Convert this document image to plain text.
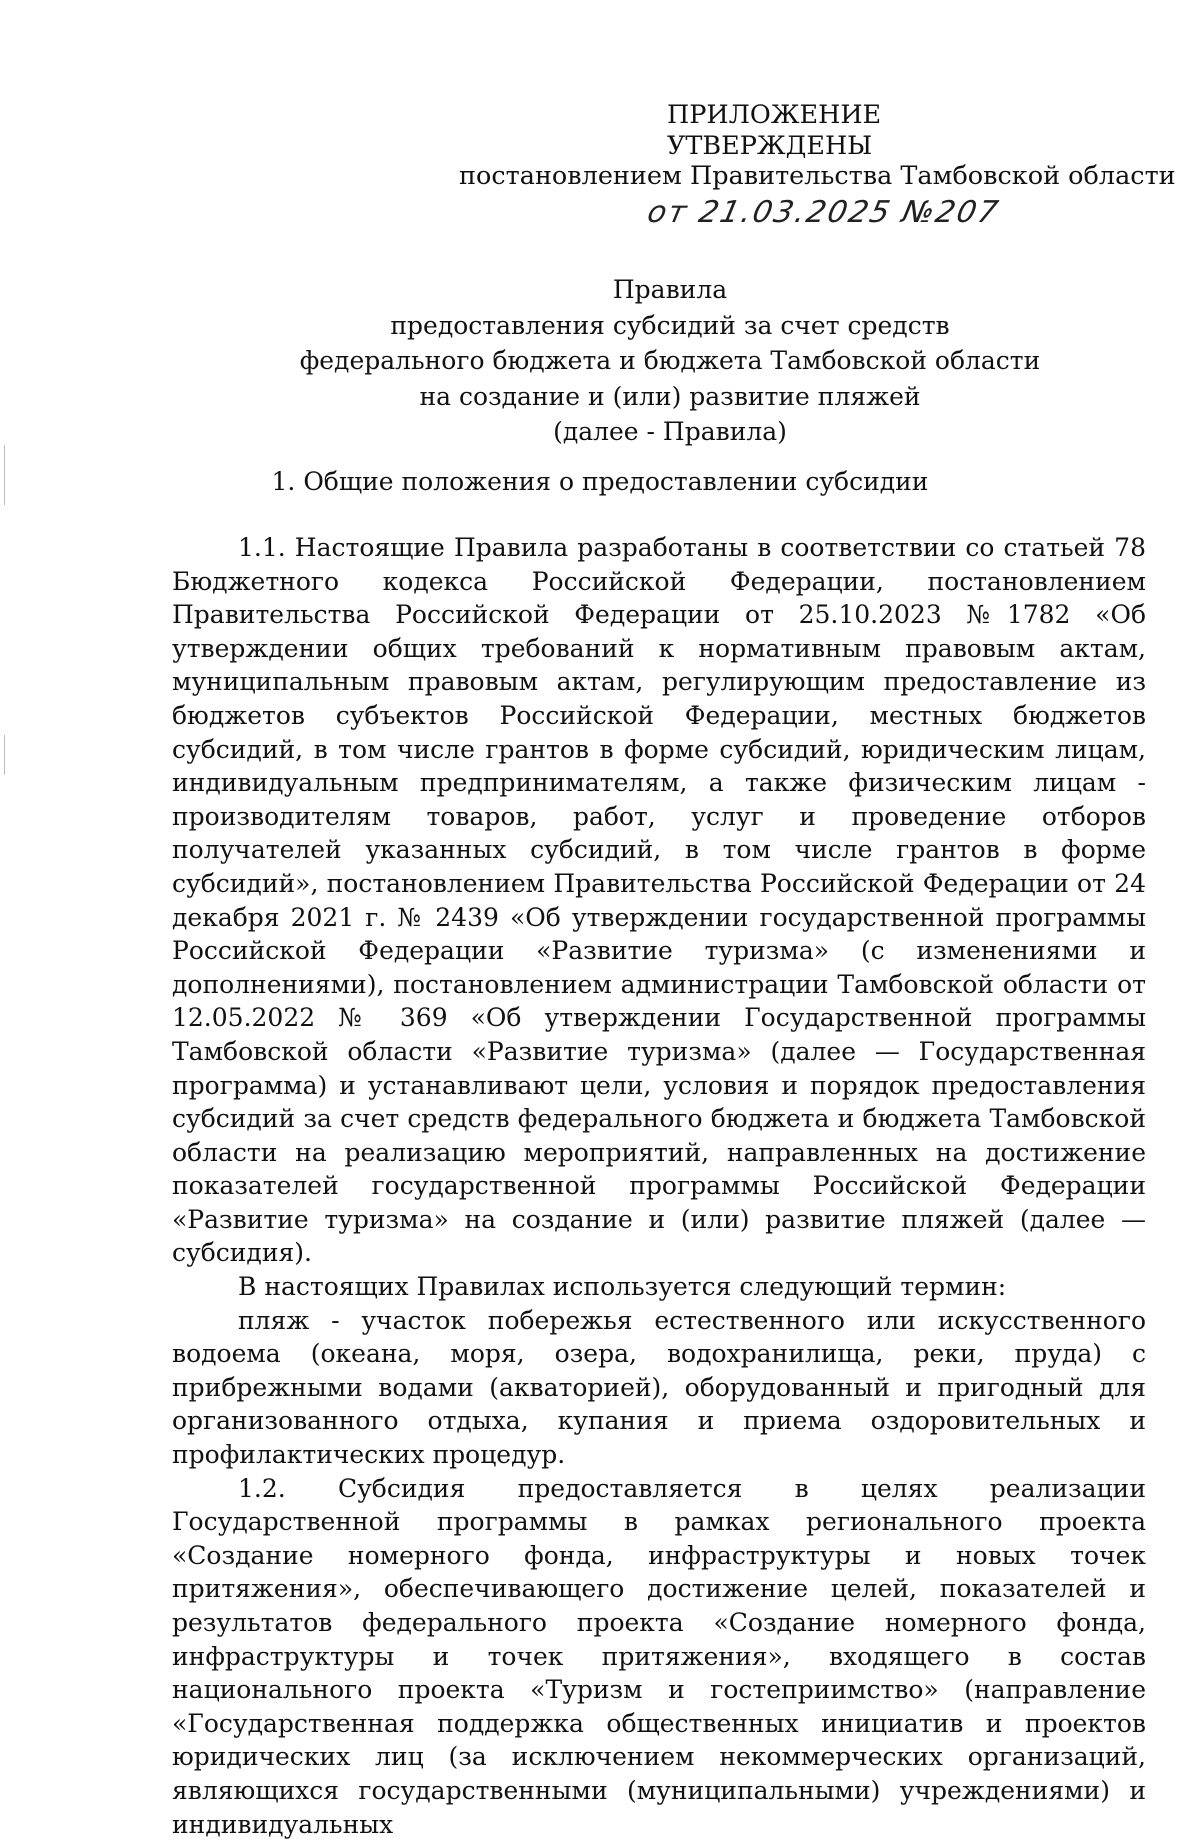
ПРИЛОЖЕНИЕ
УТВЕРЖДЕНЫ
постановлением Правительства Тамбовской области
от 21.03.2025 №207
Правила
предоставления субсидий за счет средств
федерального бюджета и бюджета Тамбовской области
на создание и (или) развитие пляжей
(далее - Правила)
1. Общие положения о предоставлении субсидии

1.1. Настоящие Правила разработаны в соответствии со статьей 78 Бюджетного кодекса Российской Федерации, постановлением Правительства Российской Федерации от 25.10.2023 №1782 «Об утверждении общих требований к нормативным правовым актам, муниципальным правовым актам, регулирующим предоставление из бюджетов субъектов Российской Федерации, местных бюджетов субсидий, в том числе грантов в форме субсидий, юридическим лицам, индивидуальным предпринимателям, а также физическим лицам - производителям товаров, работ, услуг и проведение отборов получателей указанных субсидий, в том числе грантов в форме субсидий», постановлением Правительства Российской Федерации от 24 декабря 2021 г. № 2439 «Об утверждении государственной программы Российской Федерации «Развитие туризма» (с изменениями и дополнениями), постановлением администрации Тамбовской области от 12.05.2022 № 369 «Об утверждении Государственной программы Тамбовской области «Развитие туризма» (далее — Государственная программа) и устанавливают цели, условия и порядок предоставления субсидий за счет средств федерального бюджета и бюджета Тамбовской области на реализацию мероприятий, направленных на достижение показателей государственной программы Российской Федерации «Развитие туризма» на создание и (или) развитие пляжей (далее — субсидия).

В настоящих Правилах используется следующий термин:

пляж - участок побережья естественного или искусственного водоема (океана, моря, озера, водохранилища, реки, пруда) с прибрежными водами (акваторией), оборудованный и пригодный для организованного отдыха, купания и приема оздоровительных и профилактических процедур.

1.2. Субсидия предоставляется в целях реализации Государственной программы в рамках регионального проекта «Создание номерного фонда, инфраструктуры и новых точек притяжения», обеспечивающего достижение целей, показателей и результатов федерального проекта «Создание номерного фонда, инфраструктуры и точек притяжения», входящего в состав национального проекта «Туризм и гостеприимство» (направление «Государственная поддержка общественных инициатив и проектов юридических лиц (за исключением некоммерческих организаций, являющихся государственными (муниципальными) учреждениями) и индивидуальных
